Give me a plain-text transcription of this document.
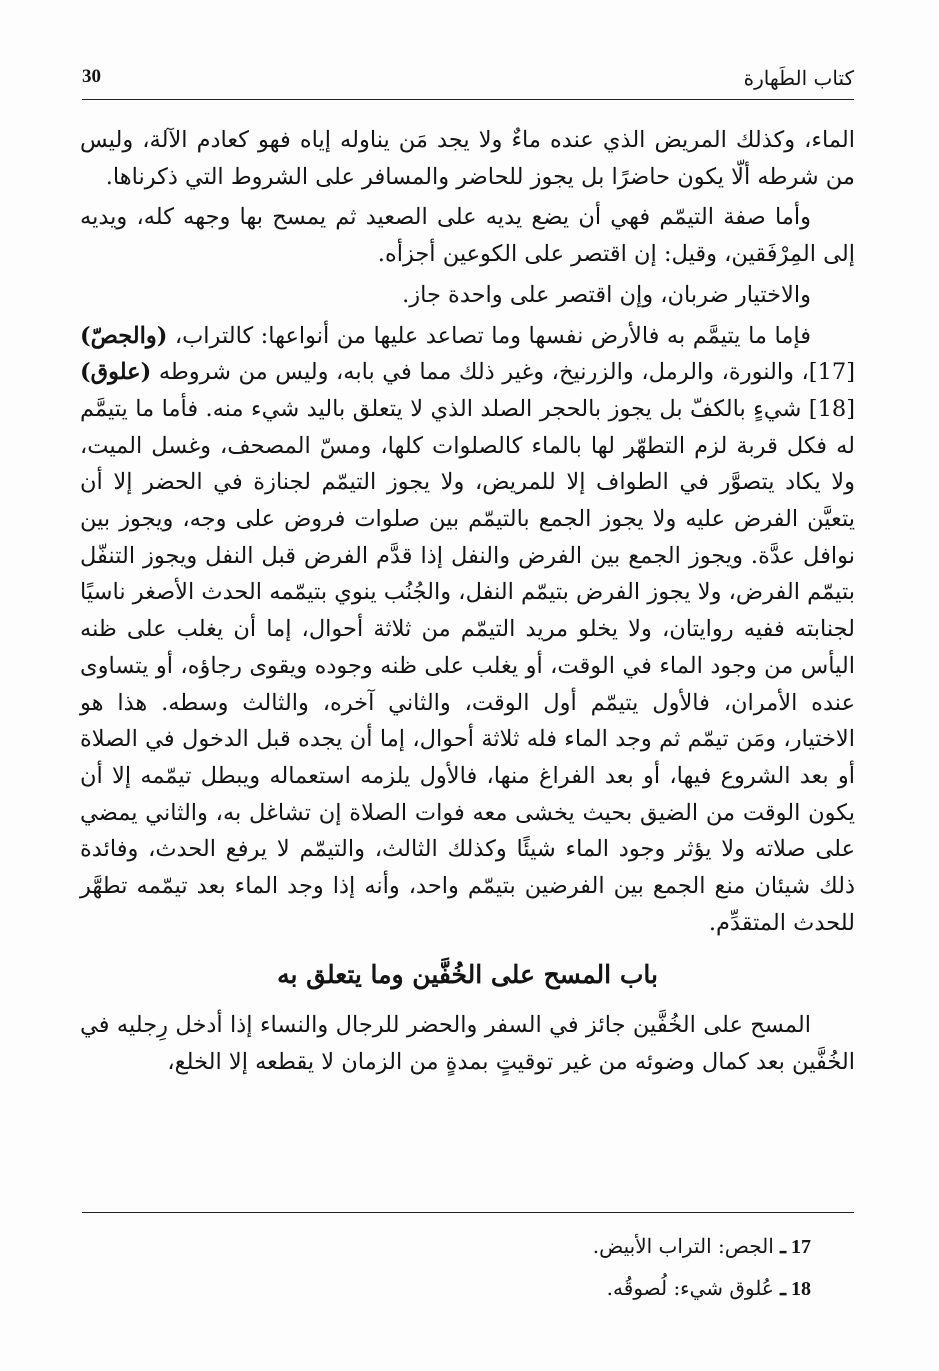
30	كتاب الطَهارة

الماء، وكذلك المريض الذي عنده ماءٌ ولا يجد مَن يناوله إياه فهو كعادم الآلة، وليس من شرطه ألّا يكون حاضرًا بل يجوز للحاضر والمسافر على الشروط التي ذكرناها.

وأما صفة التيمّم فهي أن يضع يديه على الصعيد ثم يمسح بها وجهه كله، ويديه إلى المِرْفَقين، وقيل: إن اقتصر على الكوعين أجزأه.

والاختيار ضربان، وإن اقتصر على واحدة جاز.

فإما ما يتيمَّم به فالأرض نفسها وما تصاعد عليها من أنواعها: كالتراب، (والجصّ)[17]، والنورة، والرمل، والزرنيخ، وغير ذلك مما في بابه، وليس من شروطه (علوق)[18] شيءٍ بالكفّ بل يجوز بالحجر الصلد الذي لا يتعلق باليد شيء منه. فأما ما يتيمَّم له فكل قربة لزم التطهّر لها بالماء كالصلوات كلها، ومسّ المصحف، وغسل الميت، ولا يكاد يتصوَّر في الطواف إلا للمريض، ولا يجوز التيمّم لجنازة في الحضر إلا أن يتعيَّن الفرض عليه ولا يجوز الجمع بالتيمّم بين صلوات فروض على وجه، ويجوز بين نوافل عدَّة. ويجوز الجمع بين الفرض والنفل إذا قدَّم الفرض قبل النفل ويجوز التنفّل بتيمّم الفرض، ولا يجوز الفرض بتيمّم النفل، والجُنُب ينوي بتيمّمه الحدث الأصغر ناسيًا لجنابته ففيه روايتان، ولا يخلو مريد التيمّم من ثلاثة أحوال، إما أن يغلب على ظنه اليأس من وجود الماء في الوقت، أو يغلب على ظنه وجوده ويقوى رجاؤه، أو يتساوى عنده الأمران، فالأول يتيمّم أول الوقت، والثاني آخره، والثالث وسطه. هذا هو الاختيار، ومَن تيمّم ثم وجد الماء فله ثلاثة أحوال، إما أن يجده قبل الدخول في الصلاة أو بعد الشروع فيها، أو بعد الفراغ منها، فالأول يلزمه استعماله ويبطل تيمّمه إلا أن يكون الوقت من الضيق بحيث يخشى معه فوات الصلاة إن تشاغل به، والثاني يمضي على صلاته ولا يؤثر وجود الماء شيئًا وكذلك الثالث، والتيمّم لا يرفع الحدث، وفائدة ذلك شيئان منع الجمع بين الفرضين بتيمّم واحد، وأنه إذا وجد الماء بعد تيمّمه تطهَّر للحدث المتقدِّم.

باب المسح على الخُفَّين وما يتعلق به

المسح على الخُفَّين جائز في السفر والحضر للرجال والنساء إذا أدخل رِجليه في الخُفَّين بعد كمال وضوئه من غير توقيتٍ بمدةٍ من الزمان لا يقطعه إلا الخلع،

17 ـ الجص: التراب الأبيض.
18 ـ عُلوق شيء: لُصوقُه.
